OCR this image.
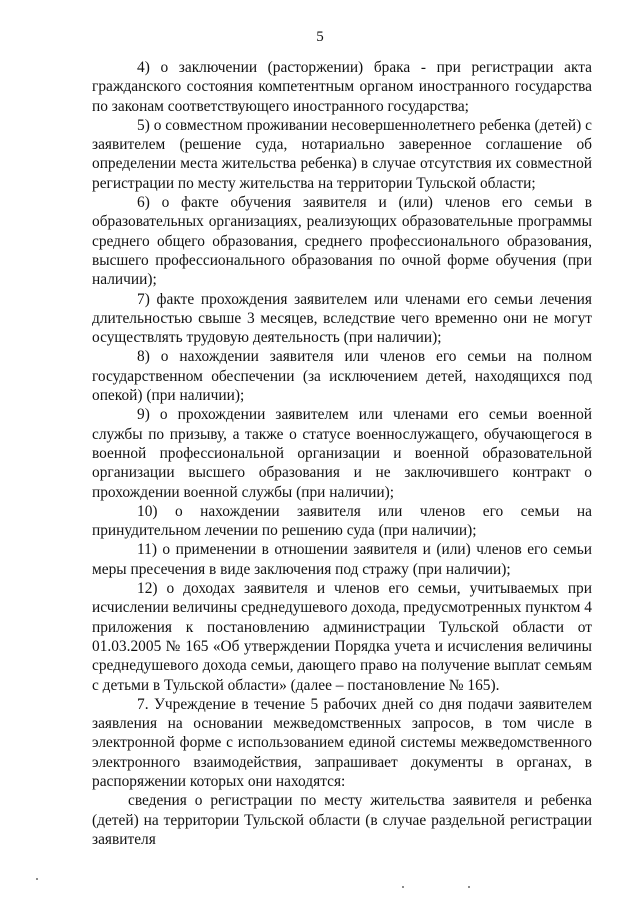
5

4) о заключении (расторжении) брака - при регистрации акта гражданского состояния компетентным органом иностранного государства по законам соответствующего иностранного государства;

5) о совместном проживании несовершеннолетнего ребенка (детей) с заявителем (решение суда, нотариально заверенное соглашение об определении места жительства ребенка) в случае отсутствия их совместной регистрации по месту жительства на территории Тульской области;

6) о факте обучения заявителя и (или) членов его семьи в образовательных организациях, реализующих образовательные программы среднего общего образования, среднего профессионального образования, высшего профессионального образования по очной форме обучения (при наличии);

7) факте прохождения заявителем или членами его семьи лечения длительностью свыше 3 месяцев, вследствие чего временно они не могут осуществлять трудовую деятельность (при наличии);

8) о нахождении заявителя или членов его семьи на полном государственном обеспечении (за исключением детей, находящихся под опекой) (при наличии);

9) о прохождении заявителем или членами его семьи военной службы по призыву, а также о статусе военнослужащего, обучающегося в военной профессиональной организации и военной образовательной организации высшего образования и не заключившего контракт о прохождении военной службы (при наличии);

10) о нахождении заявителя или членов его семьи на принудительном лечении по решению суда (при наличии);

11) о применении в отношении заявителя и (или) членов его семьи меры пресечения в виде заключения под стражу (при наличии);

12) о доходах заявителя и членов его семьи, учитываемых при исчислении величины среднедушевого дохода, предусмотренных пунктом 4 приложения к постановлению администрации Тульской области от 01.03.2005 № 165 «Об утверждении Порядка учета и исчисления величины среднедушевого дохода семьи, дающего право на получение выплат семьям с детьми в Тульской области» (далее – постановление № 165).

7. Учреждение в течение 5 рабочих дней со дня подачи заявителем заявления на основании межведомственных запросов, в том числе в электронной форме с использованием единой системы межведомственного электронного взаимодействия, запрашивает документы в органах, в распоряжении которых они находятся:

сведения о регистрации по месту жительства заявителя и ребенка (детей) на территории Тульской области (в случае раздельной регистрации заявителя
